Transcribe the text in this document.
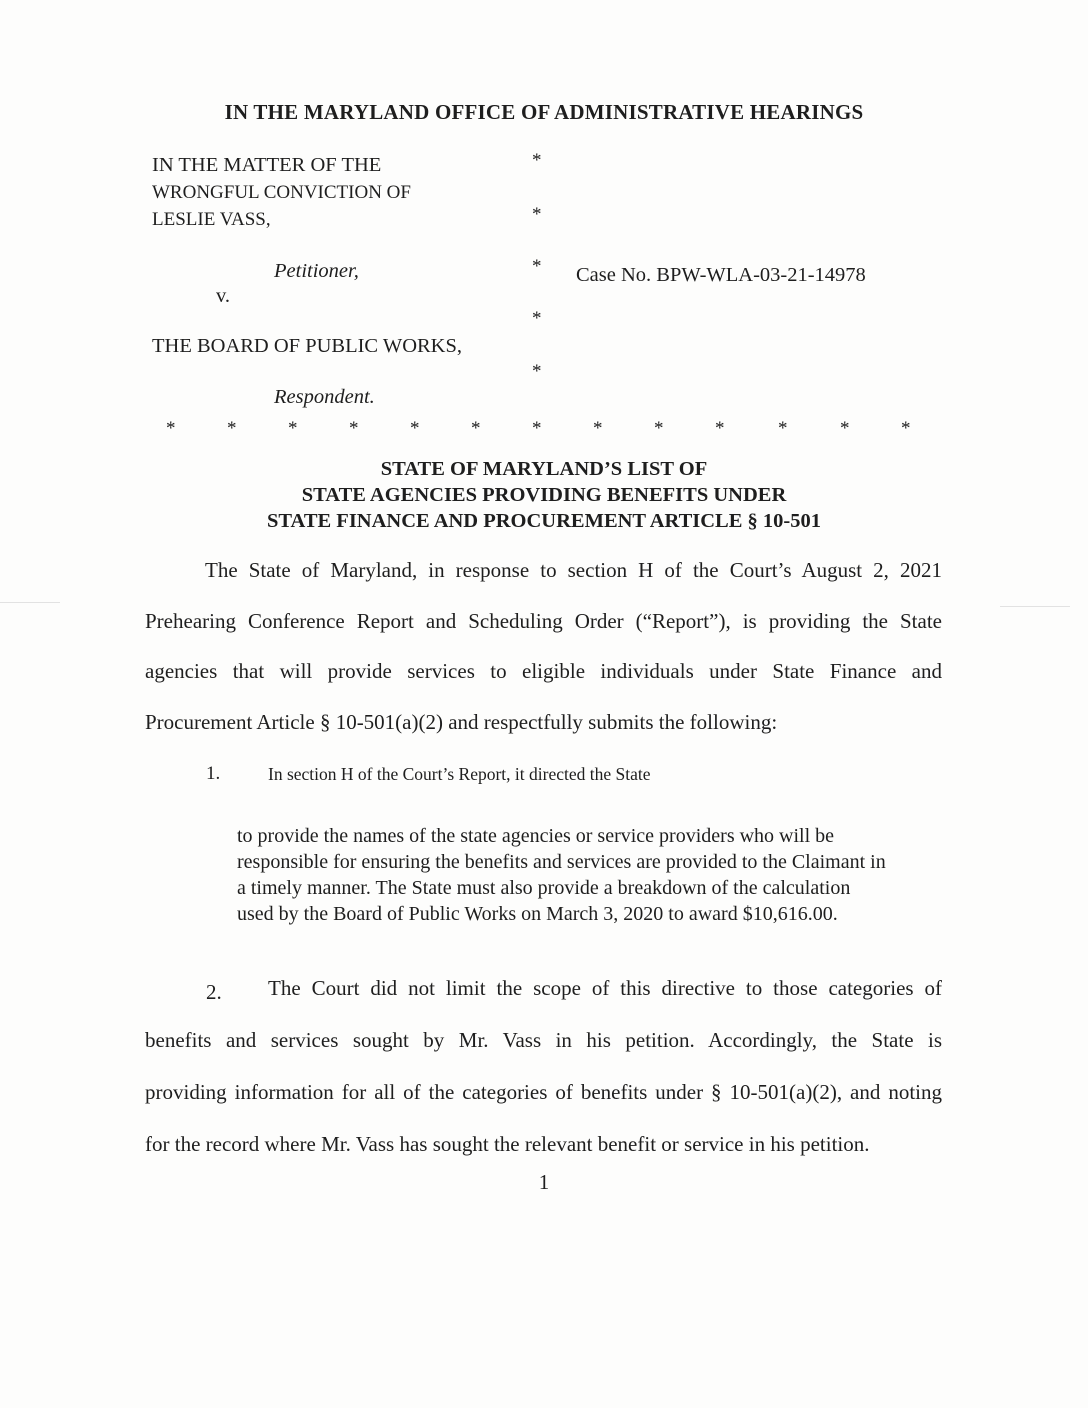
IN THE MARYLAND OFFICE OF ADMINISTRATIVE HEARINGS
IN THE MATTER OF THE
WRONGFUL CONVICTION OF
LESLIE VASS,
Petitioner,
v.
THE BOARD OF PUBLIC WORKS,
Respondent.
*
*
*
*
*
Case No. BPW-WLA-03-21-14978
*	*	*	*	*	*	*	*	*	*	*	*	*
STATE OF MARYLAND’S LIST OF
STATE AGENCIES PROVIDING BENEFITS UNDER
STATE FINANCE AND PROCUREMENT ARTICLE § 10-501
The State of Maryland, in response to section H of the Court’s August 2, 2021
Prehearing Conference Report and Scheduling Order (“Report”), is providing the State
agencies that will provide services to eligible individuals under State Finance and
Procurement Article § 10-501(a)(2) and respectfully submits the following:
1.	In section H of the Court’s Report, it directed the State
to provide the names of the state agencies or service providers who will be responsible for ensuring the benefits and services are provided to the Claimant in a timely manner. The State must also provide a breakdown of the calculation used by the Board of Public Works on March 3, 2020 to award $10,616.00.
2. The Court did not limit the scope of this directive to those categories of
benefits and services sought by Mr. Vass in his petition. Accordingly, the State is
providing information for all of the categories of benefits under § 10-501(a)(2), and noting
for the record where Mr. Vass has sought the relevant benefit or service in his petition.
1
